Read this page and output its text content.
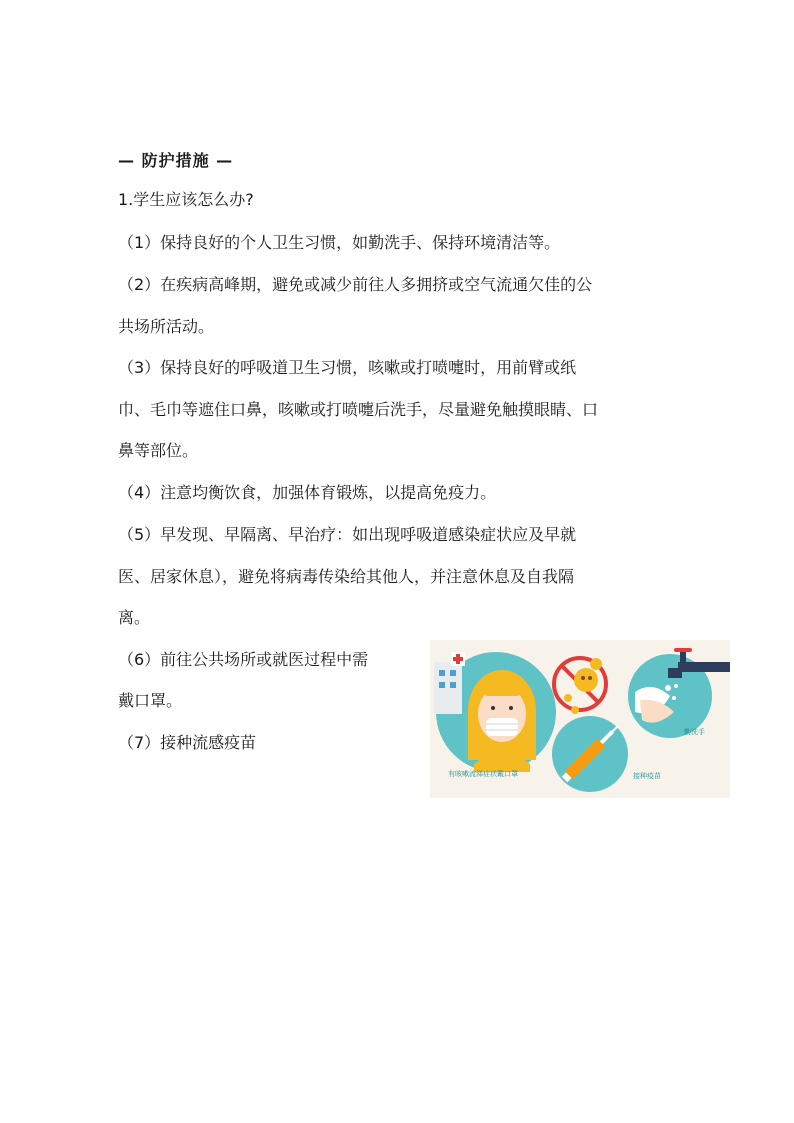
— 防护措施 —
1.学生应该怎么办?
（1）保持良好的个人卫生习惯，如勤洗手、保持环境清洁等。
（2）在疾病高峰期，避免或减少前往人多拥挤或空气流通欠佳的公
共场所活动。
（3）保持良好的呼吸道卫生习惯，咳嗽或打喷嚏时，用前臂或纸
巾、毛巾等遮住口鼻，咳嗽或打喷嚏后洗手，尽量避免触摸眼睛、口
鼻等部位。
（4）注意均衡饮食，加强体育锻炼，以提高免疫力。
（5）早发现、早隔离、早治疗：如出现呼吸道感染症状应及早就
医、居家休息），避免将病毒传染给其他人，并注意休息及自我隔
离。
（6）前往公共场所或就医过程中需
戴口罩。
（7）接种流感疫苗
有咳嗽流涕症状戴口罩
勤洗手
接种疫苗
